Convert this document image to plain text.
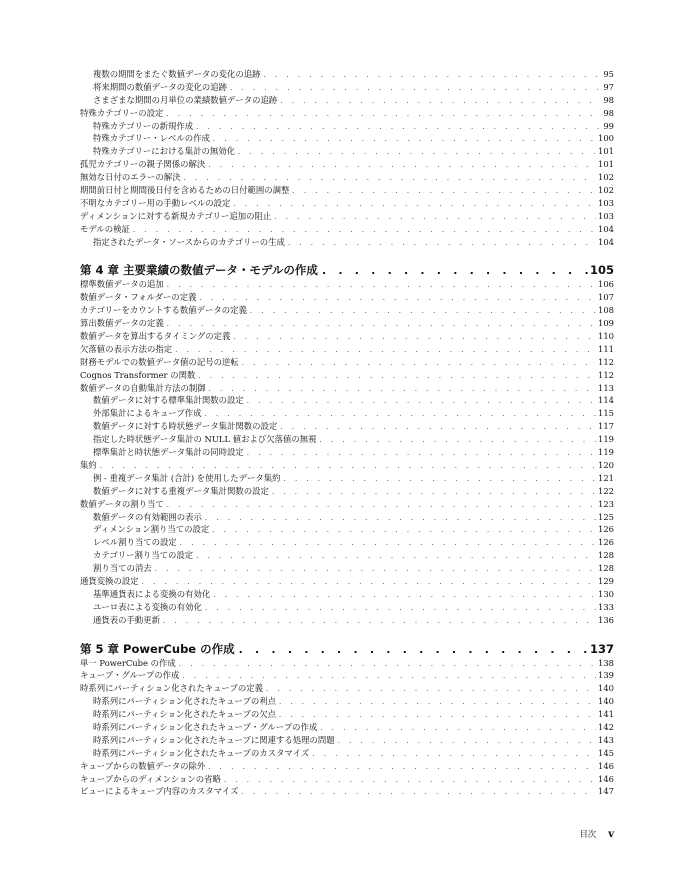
複数の期間をまたぐ数値データの変化の追跡 . . .	95
将来期間の数値データの変化の追跡 . . .	97
さまざまな期間の月単位の業績数値データの追跡 . . .	98
特殊カテゴリーの設定 . . .	98
特殊カテゴリーの新規作成 . . .	99
特殊カテゴリー・レベルの作成 . . .	100
特殊カテゴリーにおける集計の無効化 . . .	101
孤児カテゴリーの親子関係の解決 . . .	101
無効な日付のエラーの解決 . . .	102
期間前日付と期間後日付を含めるための日付範囲の調整 . . .	102
不明なカテゴリー用の手動レベルの設定 . . .	103
ディメンションに対する新規カテゴリー追加の阻止 . . .	103
モデルの検証 . . .	104
指定されたデータ・ソースからのカテゴリーの生成 . . .	104
第 4 章 主要業績の数値データ・モデルの作成 . . .	105
標準数値データの追加 . . .	106
数値データ・フォルダーの定義 . . .	107
カテゴリーをカウントする数値データの定義 . . .	108
算出数値データの定義 . . .	109
数値データを算出するタイミングの定義 . . .	110
欠落値の表示方法の指定 . . .	111
財務モデルでの数値データ値の記号の逆転 . . .	112
Cognos Transformer の関数 . . .	112
数値データの自動集計方法の制御 . . .	113
数値データに対する標準集計関数の設定 . . .	114
外部集計によるキューブ作成 . . .	115
数値データに対する時状態データ集計関数の設定 . . .	117
指定した時状態データ集計の NULL 値および欠落値の無視 . . .	119
標準集計と時状態データ集計の同時設定 . . .	119
集約 . . .	120
例 - 重複データ集計 (合計) を使用したデータ集約 . . .	121
数値データに対する重複データ集計関数の設定 . . .	122
数値データの割り当て . . .	123
数値データの有効範囲の表示 . . .	125
ディメンション割り当ての設定 . . .	126
レベル割り当ての設定 . . .	126
カテゴリー割り当ての設定 . . .	128
割り当ての消去 . . .	128
通貨変換の設定 . . .	129
基準通貨表による変換の有効化 . . .	130
ユーロ表による変換の有効化 . . .	133
通貨表の手動更新 . . .	136
第 5 章 PowerCube の作成 . . .	137
単一 PowerCube の作成 . . .	138
キューブ・グループの作成 . . .	139
時系列にパーティション化されたキューブの定義 . . .	140
時系列にパーティション化されたキューブの利点 . . .	140
時系列にパーティション化されたキューブの欠点 . . .	141
時系列にパーティション化されたキューブ・グループの作成 . . .	142
時系列にパーティション化されたキューブに関連する処理の問題 . . .	143
時系列にパーティション化されたキューブのカスタマイズ . . .	145
キューブからの数値データの除外 . . .	146
キューブからのディメンションの省略 . . .	146
ビューによるキューブ内容のカスタマイズ . . .	147
目次 v
